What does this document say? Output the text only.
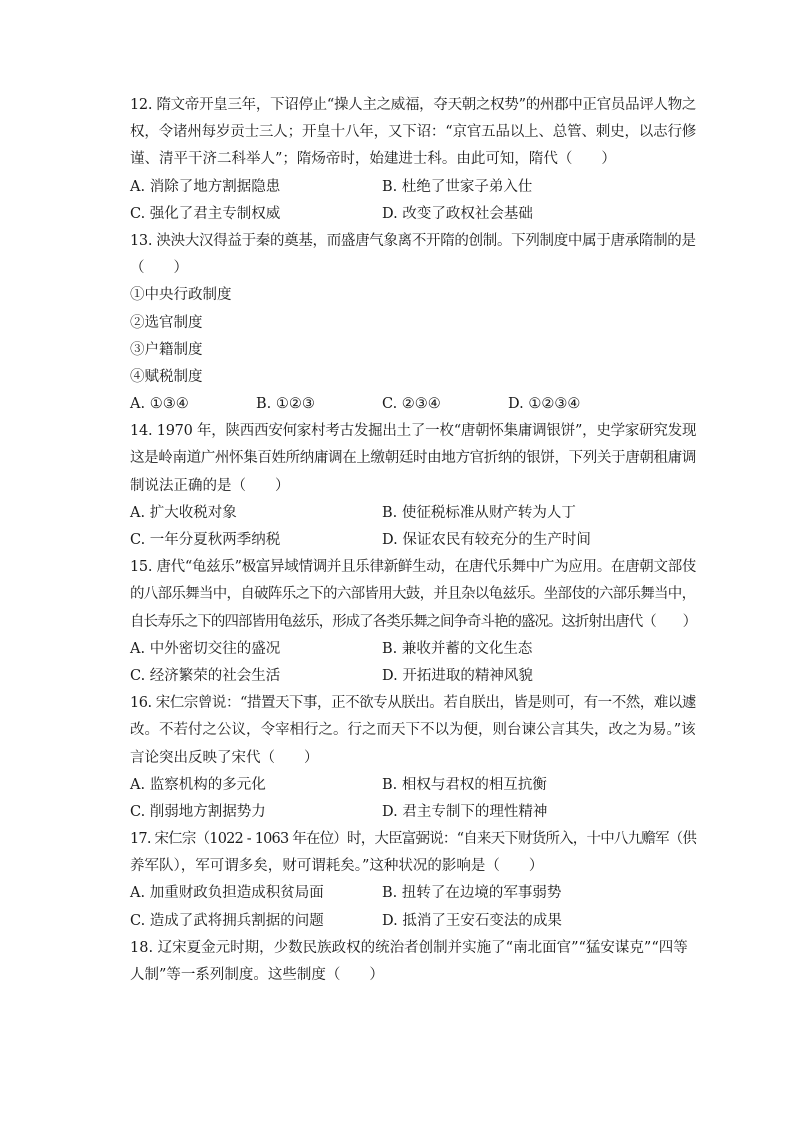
12. 隋文帝开皇三年，下诏停止“操人主之威福，夺天朝之权势”的州郡中正官员品评人物之
权，令诸州每岁贡士三人；开皇十八年，又下诏：“京官五品以上、总管、刺史，以志行修
谨、清平干济二科举人”；隋炀帝时，始建进士科。由此可知，隋代（　　）
A. 消除了地方割据隐患	B. 杜绝了世家子弟入仕
C. 强化了君主专制权威	D. 改变了政权社会基础
13. 泱泱大汉得益于秦的奠基，而盛唐气象离不开隋的创制。下列制度中属于唐承隋制的是
（　　）
①中央行政制度
②选官制度
③户籍制度
④赋税制度
A. ①③④	B. ①②③	C. ②③④	D. ①②③④
14. 1970 年，陕西西安何家村考古发掘出土了一枚“唐朝怀集庸调银饼”，史学家研究发现
这是岭南道广州怀集百姓所纳庸调在上缴朝廷时由地方官折纳的银饼，下列关于唐朝租庸调
制说法正确的是（　　）
A. 扩大收税对象	B. 使征税标准从财产转为人丁
C. 一年分夏秋两季纳税	D. 保证农民有较充分的生产时间
15. 唐代“龟兹乐”极富异域情调并且乐律新鲜生动，在唐代乐舞中广为应用。在唐朝文部伎
的八部乐舞当中，自破阵乐之下的六部皆用大鼓，并且杂以龟兹乐。坐部伎的六部乐舞当中，
自长寿乐之下的四部皆用龟兹乐，形成了各类乐舞之间争奇斗艳的盛况。这折射出唐代（　　）
A. 中外密切交往的盛况	B. 兼收并蓄的文化生态
C. 经济繁荣的社会生活	D. 开拓进取的精神风貌
16. 宋仁宗曾说：“措置天下事，正不欲专从朕出。若自朕出，皆是则可，有一不然，难以遽
改。不若付之公议，令宰相行之。行之而天下不以为便，则台谏公言其失，改之为易。”该
言论突出反映了宋代（　　）
A. 监察机构的多元化	B. 相权与君权的相互抗衡
C. 削弱地方割据势力	D. 君主专制下的理性精神
17. 宋仁宗（1022 - 1063 年在位）时，大臣富弼说：“自来天下财货所入，十中八九赡军（供
养军队），军可谓多矣，财可谓耗矣。”这种状况的影响是（　　）
A. 加重财政负担造成积贫局面	B. 扭转了在边境的军事弱势
C. 造成了武将拥兵割据的问题	D. 抵消了王安石变法的成果
18. 辽宋夏金元时期，少数民族政权的统治者创制并实施了“南北面官”“猛安谋克”“四等
人制”等一系列制度。这些制度（　　）
